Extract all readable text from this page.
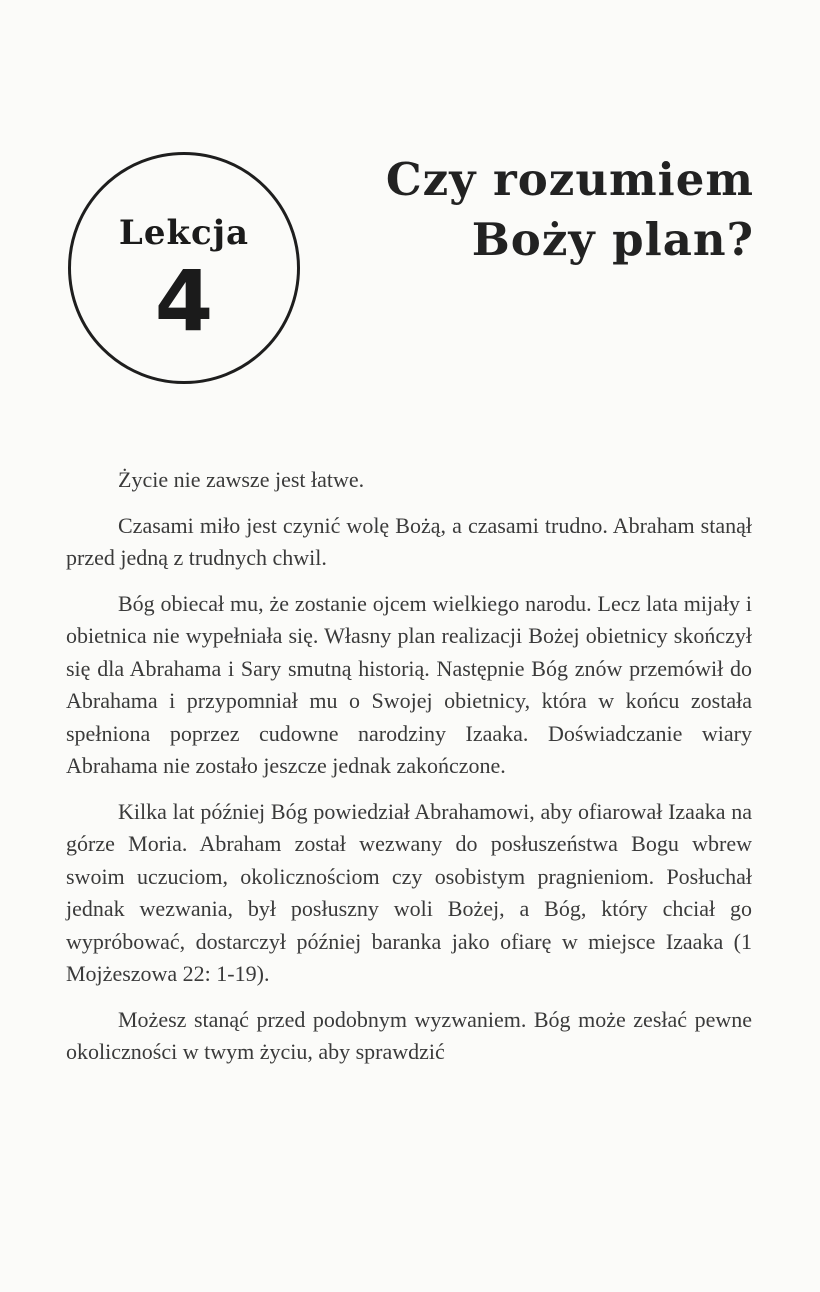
Lekcja
4
Czy rozumiem
Boży plan?

Życie nie zawsze jest łatwe.

Czasami miło jest czynić wolę Bożą, a czasami trudno. Abraham stanął przed jedną z trudnych chwil.

Bóg obiecał mu, że zostanie ojcem wielkiego narodu. Lecz lata mijały i obietnica nie wypełniała się. Własny plan realizacji Bożej obietnicy skończył się dla Abrahama i Sary smutną historią. Następnie Bóg znów przemówił do Abrahama i przypomniał mu o Swojej obietnicy, która w końcu została spełniona poprzez cudowne narodziny Izaaka. Doświadczanie wiary Abrahama nie zostało jeszcze jednak zakończone.

Kilka lat później Bóg powiedział Abrahamowi, aby ofiarował Izaaka na górze Moria. Abraham został wezwany do posłuszeństwa Bogu wbrew swoim uczuciom, okolicznościom czy osobistym pragnieniom. Posłuchał jednak wezwania, był posłuszny woli Bożej, a Bóg, który chciał go wypróbować, dostarczył później baranka jako ofiarę w miejsce Izaaka (1 Mojżeszowa 22: 1-19).

Możesz stanąć przed podobnym wyzwaniem. Bóg może zesłać pewne okoliczności w twym życiu, aby sprawdzić
